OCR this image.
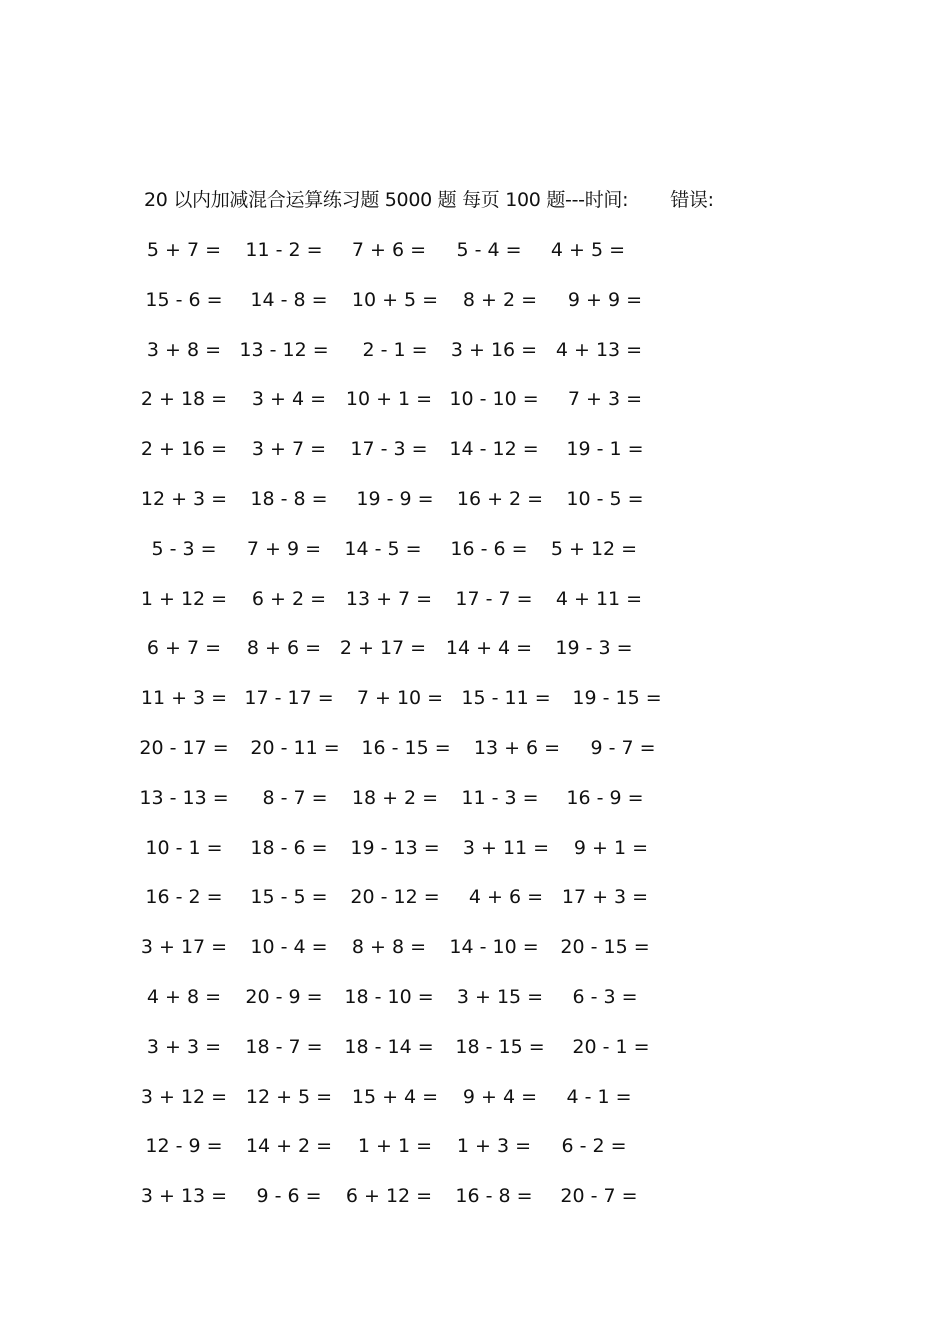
20 以内加减混合运算练习题 5000 题 每页 100 题---时间: 错误:
5 + 7 =	11 - 2 =	7 + 6 =	5 - 4 =	4 + 5 =
15 - 6 =	14 - 8 =	10 + 5 =	8 + 2 =	9 + 9 =
3 + 8 = 13 - 12 =	2 - 1 =	3 + 16 = 4 + 13 =
2 + 18 =	3 + 4 =	10 + 1 = 10 - 10 =	7 + 3 =
2 + 16 =	3 + 7 =	17 - 3 =	14 - 12 =	19 - 1 =
12 + 3 =	18 - 8 =	19 - 9 =	16 + 2 =	10 - 5 =
5 - 3 =	7 + 9 =	14 - 5 =	16 - 6 =	5 + 12 =
1 + 12 =	6 + 2 =	13 + 7 =	17 - 7 =	4 + 11 =
6 + 7 =	8 + 6 = 2 + 17 =	14 + 4 =	19 - 3 =
11 + 3 = 17 - 17 =	7 + 10 = 15 - 11 =	19 - 15 =
20 - 17 =	20 - 11 =	16 - 15 =	13 + 6 =	9 - 7 =
13 - 13 =	8 - 7 =	18 + 2 =	11 - 3 =	16 - 9 =
10 - 1 =	18 - 6 =	19 - 13 =	3 + 11 =	9 + 1 =
16 - 2 =	15 - 5 =	20 - 12 =	4 + 6 = 17 + 3 =
3 + 17 =	10 - 4 =	8 + 8 =	14 - 10 =	20 - 15 =
4 + 8 =	20 - 9 =	18 - 10 =	3 + 15 =	6 - 3 =
3 + 3 =	18 - 7 =	18 - 14 =	18 - 15 =	20 - 1 =
3 + 12 = 12 + 5 =	15 + 4 =	9 + 4 =	4 - 1 =
12 - 9 =	14 + 2 =	1 + 1 =	1 + 3 =	6 - 2 =
3 + 13 =	9 - 6 =	6 + 12 =	16 - 8 =	20 - 7 =
